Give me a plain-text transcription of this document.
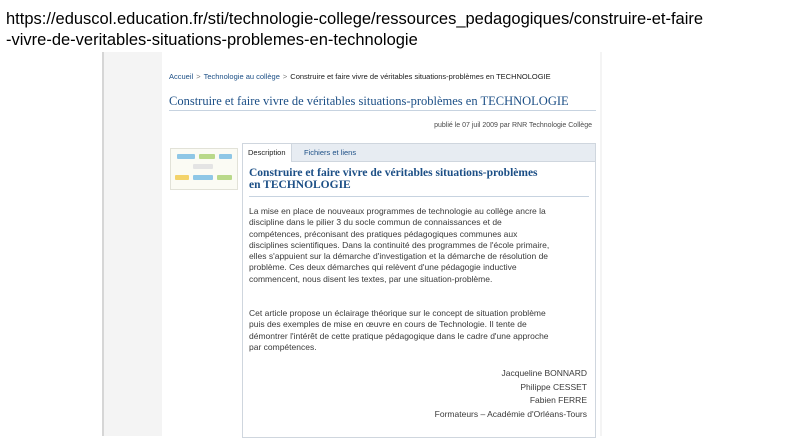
https://eduscol.education.fr/sti/technologie-college/ressources_pedagogiques/construire-et-faire
-vivre-de-veritables-situations-problemes-en-technologie
Accueil > Technologie au collège > Construire et faire vivre de véritables situations-problèmes en TECHNOLOGIE
Construire et faire vivre de véritables situations-problèmes en TECHNOLOGIE
publié le 07 juil 2009 par RNR Technologie Collège
Description	Fichiers et liens
Construire et faire vivre de véritables situations-problèmes
en TECHNOLOGIE
La mise en place de nouveaux programmes de technologie au collège ancre la
discipline dans le pilier 3 du socle commun de connaissances et de
compétences, préconisant des pratiques pédagogiques communes aux
disciplines scientifiques. Dans la continuité des programmes de l'école primaire,
elles s'appuient sur la démarche d'investigation et la démarche de résolution de
problème. Ces deux démarches qui relèvent d'une pédagogie inductive
commencent, nous disent les textes, par une situation-problème.
Cet article propose un éclairage théorique sur le concept de situation problème
puis des exemples de mise en œuvre en cours de Technologie. Il tente de
démontrer l'intérêt de cette pratique pédagogique dans le cadre d'une approche
par compétences.
Jacqueline BONNARD
Philippe CESSET
Fabien FERRE
Formateurs – Académie d'Orléans-Tours
